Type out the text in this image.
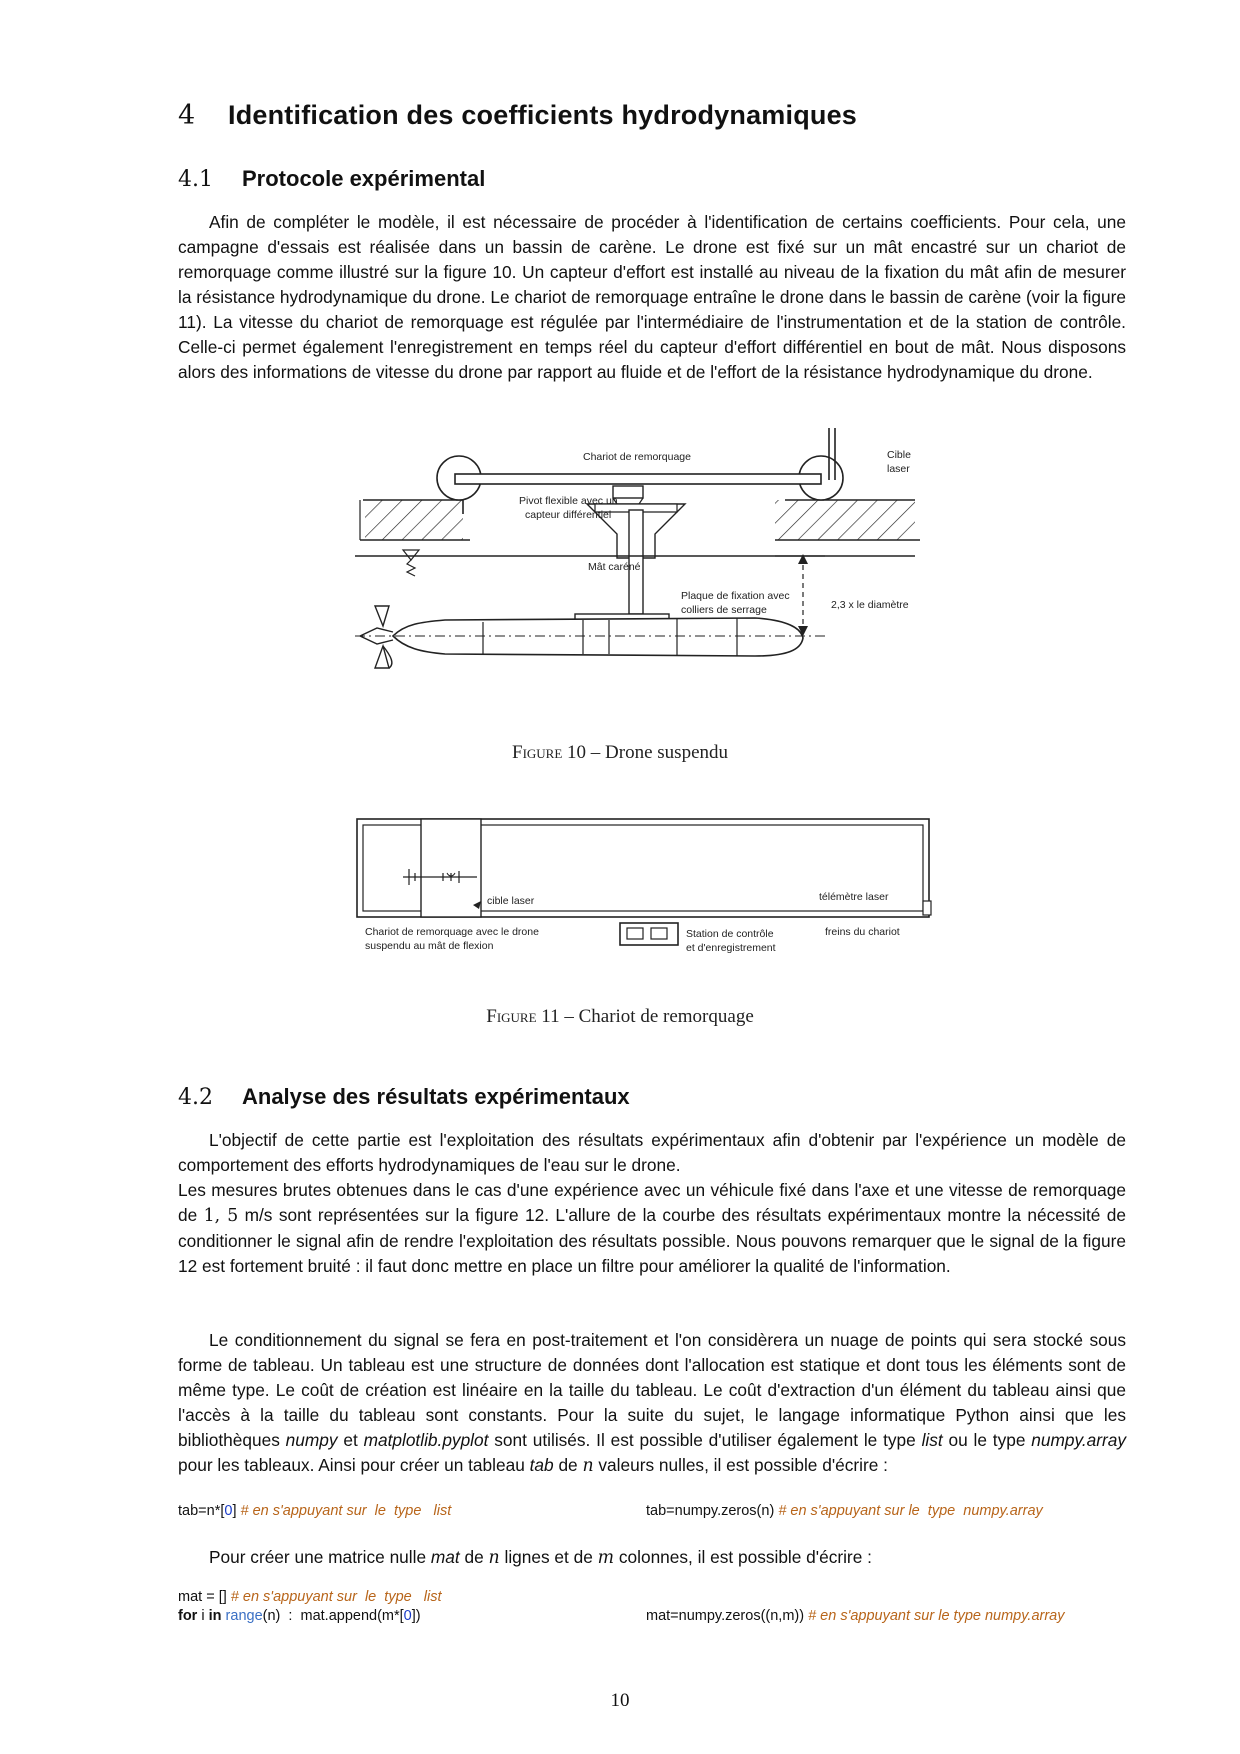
4 Identification des coefficients hydrodynamiques
4.1 Protocole expérimental

Afin de compléter le modèle, il est nécessaire de procéder à l'identification de certains coefficients. Pour cela, une campagne d'essais est réalisée dans un bassin de carène. Le drone est fixé sur un mât encastré sur un chariot de remorquage comme illustré sur la figure 10. Un capteur d'effort est installé au niveau de la fixation du mât afin de mesurer la résistance hydrodynamique du drone. Le chariot de remorquage entraîne le drone dans le bassin de carène (voir la figure 11). La vitesse du chariot de remorquage est régulée par l'intermédiaire de l'instrumentation et de la station de contrôle. Celle-ci permet également l'enregistrement en temps réel du capteur d'effort différentiel en bout de mât. Nous disposons alors des informations de vitesse du drone par rapport au fluide et de l'effort de la résistance hydrodynamique du drone.

Chariot de remorquage	Cible
laser
Pivot flexible avec un
capteur différentiel
Mât caréné
Plaque de fixation avec
colliers de serrage	2,3 x le diamètre
Figure 10 – Drone suspendu
cible laser	télémètre laser
Chariot de remorquage avec le drone
suspendu au mât de flexion
Station de contrôle
et d'enregistrement
freins du chariot
Figure 11 – Chariot de remorquage
4.2 Analyse des résultats expérimentaux

L'objectif de cette partie est l'exploitation des résultats expérimentaux afin d'obtenir par l'expérience un modèle de comportement des efforts hydrodynamiques de l'eau sur le drone.

Les mesures brutes obtenues dans le cas d'une expérience avec un véhicule fixé dans l'axe et une vitesse de remorquage de 1, 5 m/s sont représentées sur la figure 12. L'allure de la courbe des résultats expérimentaux montre la nécessité de conditionner le signal afin de rendre l'exploitation des résultats possible. Nous pouvons remarquer que le signal de la figure 12 est fortement bruité : il faut donc mettre en place un filtre pour améliorer la qualité de l'information.

Le conditionnement du signal se fera en post-traitement et l'on considèrera un nuage de points qui sera stocké sous forme de tableau. Un tableau est une structure de données dont l'allocation est statique et dont tous les éléments sont de même type. Le coût de création est linéaire en la taille du tableau. Le coût d'extraction d'un élément du tableau ainsi que l'accès à la taille du tableau sont constants. Pour la suite du sujet, le langage informatique Python ainsi que les bibliothèques numpy et matplotlib.pyplot sont utilisés. Il est possible d'utiliser également le type list ou le type numpy.array pour les tableaux. Ainsi pour créer un tableau tab de n valeurs nulles, il est possible d'écrire :

tab=n*[0] # en s'appuyant sur  le  type   list	tab=numpy.zeros(n) # en s'appuyant sur le  type  numpy.array

Pour créer une matrice nulle mat de n lignes et de m colonnes, il est possible d'écrire :

mat = [] # en s'appuyant sur  le  type   list
for i in range(n)  :  mat.append(m*[0])	mat=numpy.zeros((n,m)) # en s'appuyant sur le type numpy.array
10
